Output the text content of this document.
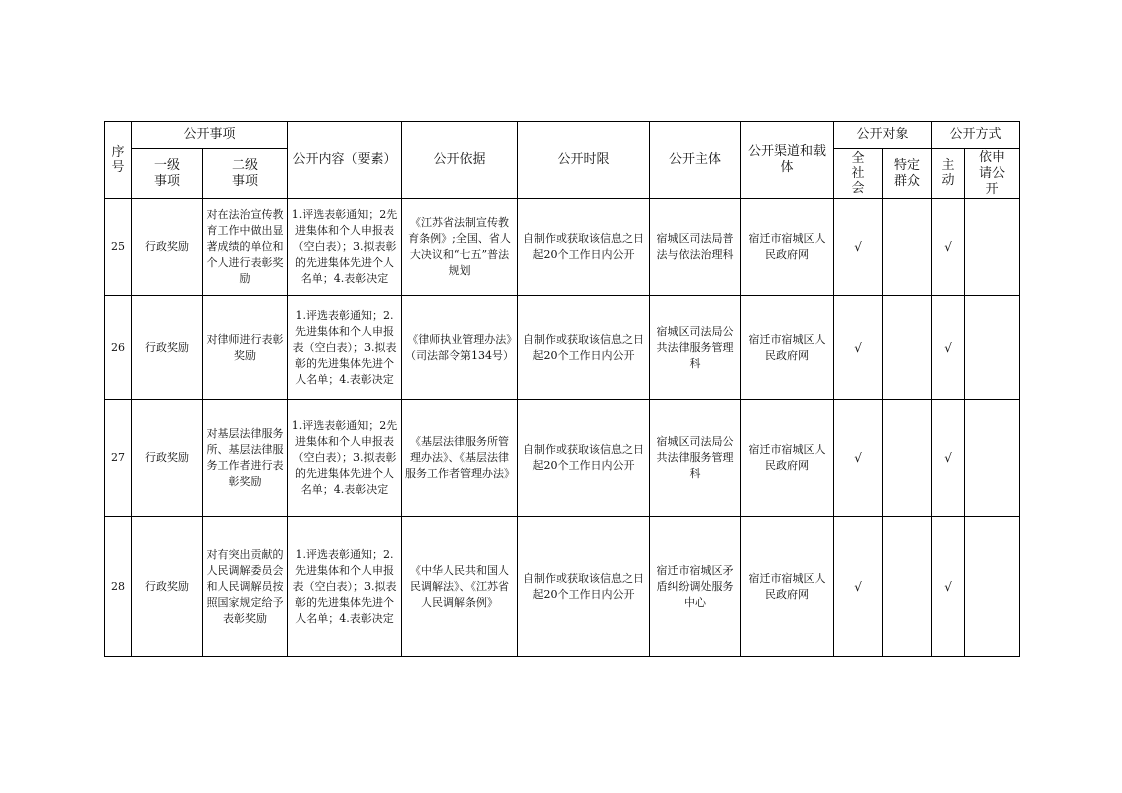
序号	公开事项		公开内容（要素）	公开依据	公开时限	公开主体	公开渠道和载体	公开对象		公开方式	
	一级事项	二级事项						全社会	特定群众	主动	依申请公开
25	行政奖励	对在法治宣传教育工作中做出显著成绩的单位和个人进行表彰奖励	1.评选表彰通知；2先进集体和个人申报表（空白表）；3.拟表彰的先进集体先进个人名单；4.表彰决定	《江苏省法制宣传教育条例》;全国、省人大决议和“七五”普法规划	自制作或获取该信息之日起20个工作日内公开	宿城区司法局普法与依法治理科	宿迁市宿城区人民政府网	√		√	
26	行政奖励	对律师进行表彰奖励	1.评选表彰通知；2.先进集体和个人申报表（空白表）；3.拟表彰的先进集体先进个人名单；4.表彰决定	《律师执业管理办法》（司法部令第134号）	自制作或获取该信息之日起20个工作日内公开	宿城区司法局公共法律服务管理科	宿迁市宿城区人民政府网	√		√	
27	行政奖励	对基层法律服务所、基层法律服务工作者进行表彰奖励	1.评选表彰通知；2先进集体和个人申报表（空白表）；3.拟表彰的先进集体先进个人名单；4.表彰决定	《基层法律服务所管理办法》、《基层法律服务工作者管理办法》	自制作或获取该信息之日起20个工作日内公开	宿城区司法局公共法律服务管理科	宿迁市宿城区人民政府网	√		√	
28	行政奖励	对有突出贡献的人民调解委员会和人民调解员按照国家规定给予表彰奖励	1.评选表彰通知；2.先进集体和个人申报表（空白表）；3.拟表彰的先进集体先进个人名单；4.表彰决定	《中华人民共和国人民调解法》、《江苏省人民调解条例》	自制作或获取该信息之日起20个工作日内公开	宿迁市宿城区矛盾纠纷调处服务中心	宿迁市宿城区人民政府网	√		√	
